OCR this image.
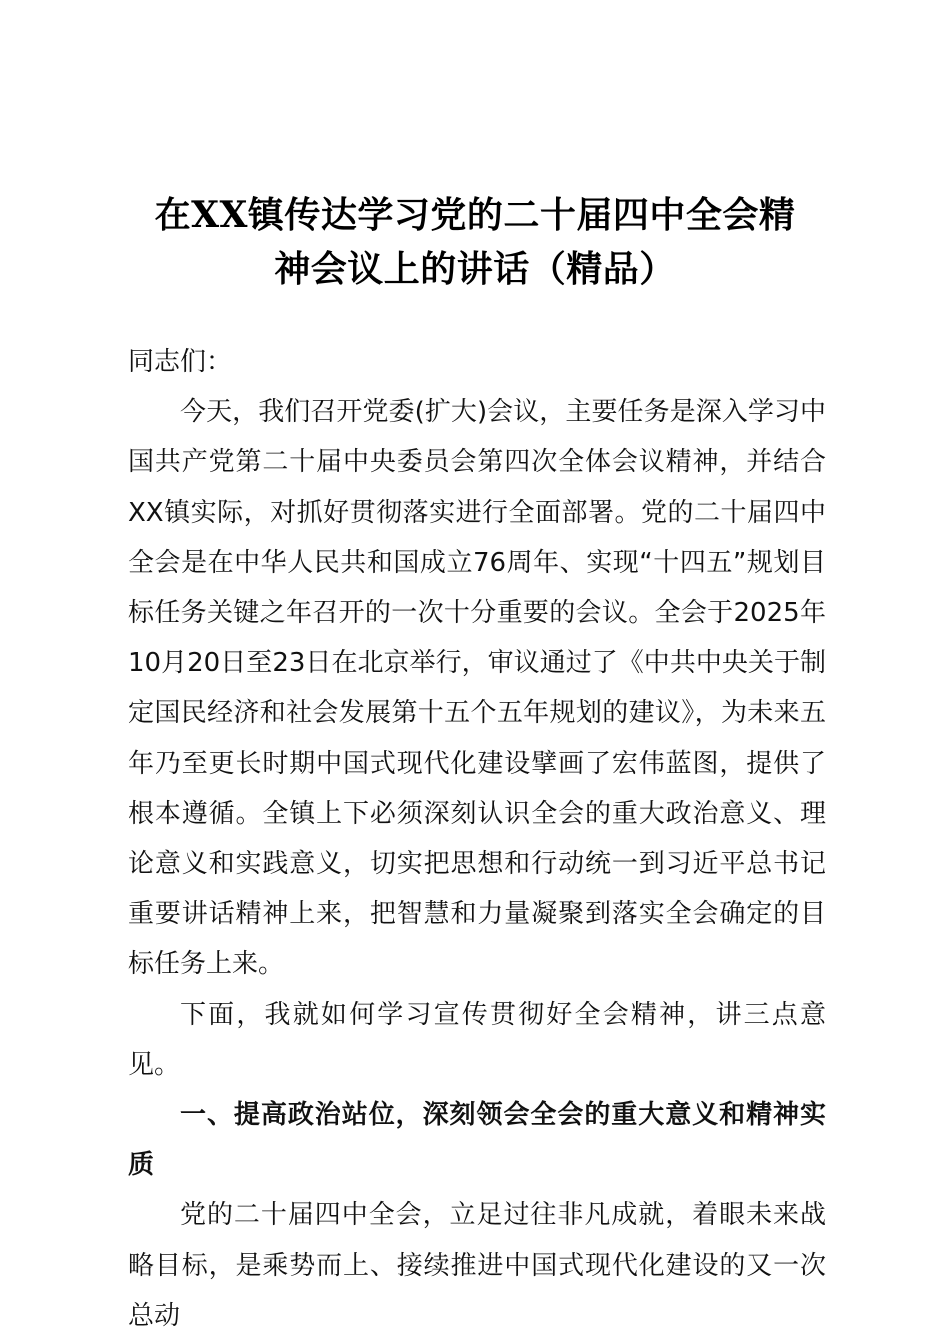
在XX镇传达学习党的二十届四中全会精
神会议上的讲话（精品）

同志们：

今天，我们召开党委(扩大)会议，主要任务是深入学习中国共产党第二十届中央委员会第四次全体会议精神，并结合XX镇实际，对抓好贯彻落实进行全面部署。党的二十届四中全会是在中华人民共和国成立76周年、实现“十四五”规划目标任务关键之年召开的一次十分重要的会议。全会于2025年10月20日至23日在北京举行，审议通过了《中共中央关于制定国民经济和社会发展第十五个五年规划的建议》，为未来五年乃至更长时期中国式现代化建设擘画了宏伟蓝图，提供了根本遵循。全镇上下必须深刻认识全会的重大政治意义、理论意义和实践意义，切实把思想和行动统一到习近平总书记重要讲话精神上来，把智慧和力量凝聚到落实全会确定的目标任务上来。

下面，我就如何学习宣传贯彻好全会精神，讲三点意见。

一、提高政治站位，深刻领会全会的重大意义和精神实质

党的二十届四中全会，立足过往非凡成就，着眼未来战略目标，是乘势而上、接续推进中国式现代化建设的又一次总动
